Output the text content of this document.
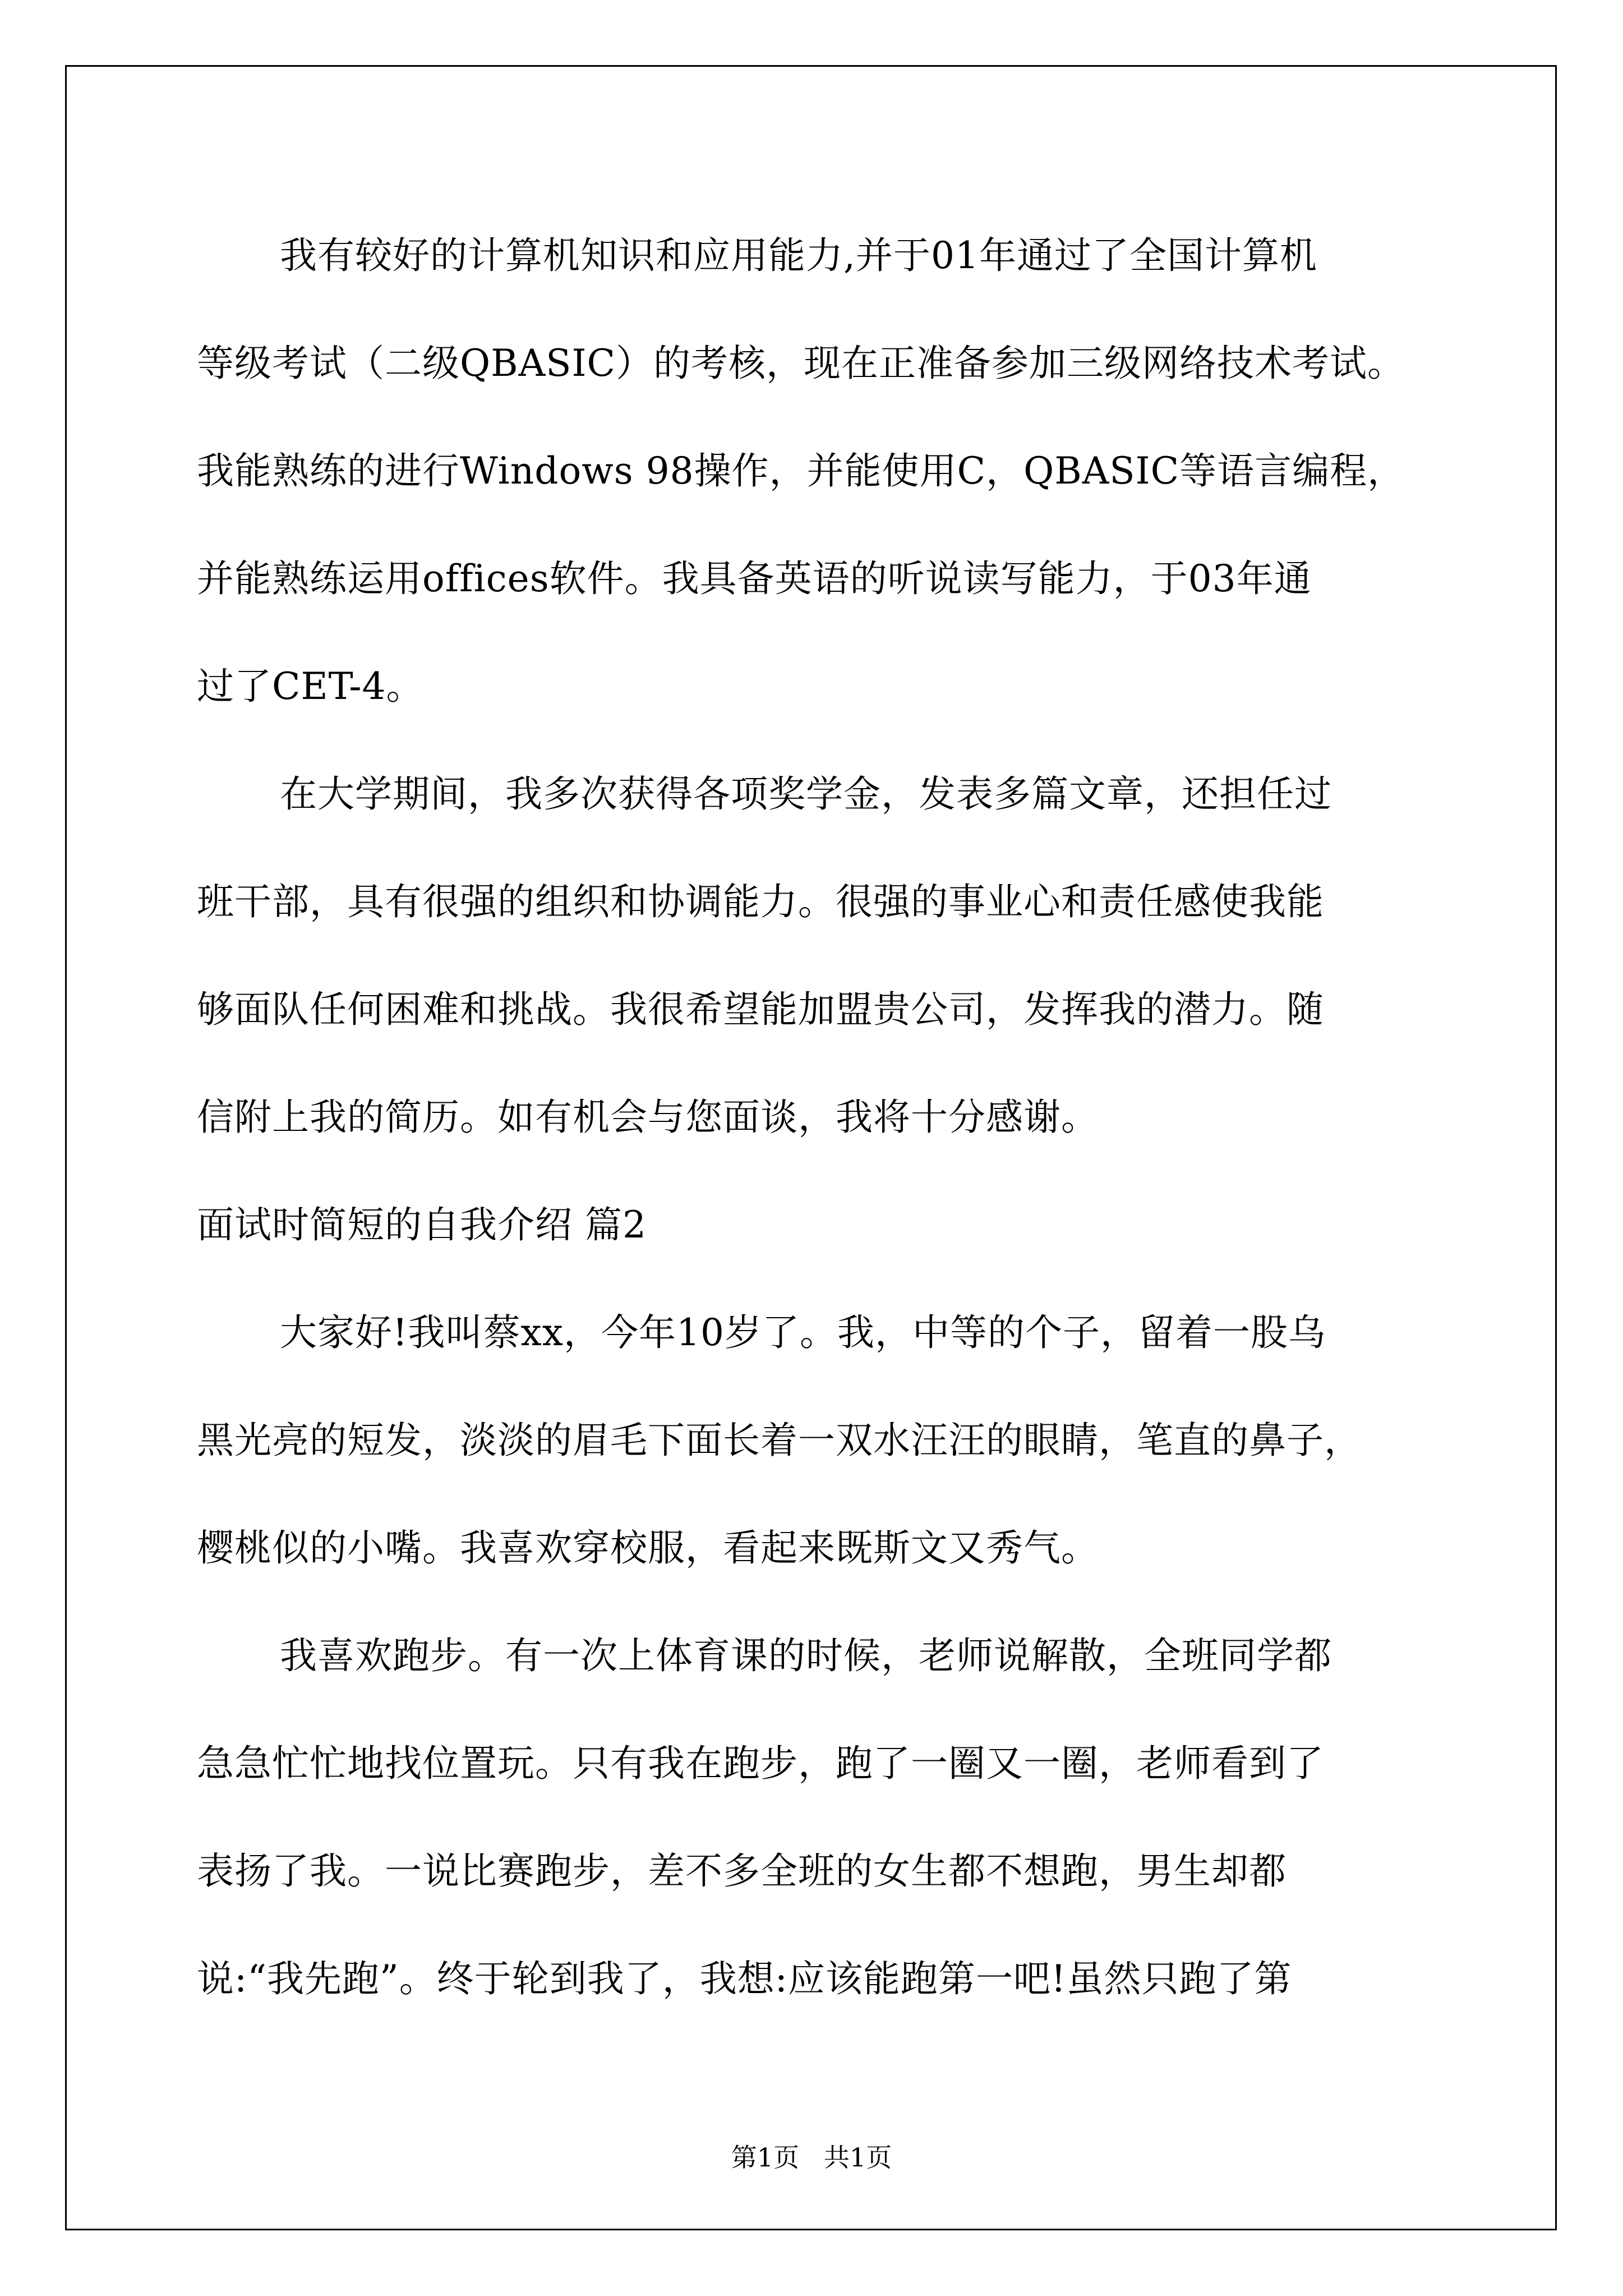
我有较好的计算机知识和应用能力,并于01年通过了全国计算机
等级考试（二级QBASIC）的考核，现在正准备参加三级网络技术考试。
我能熟练的进行Windows 98操作，并能使用C，QBASIC等语言编程，
并能熟练运用offices软件。我具备英语的听说读写能力，于03年通
过了CET-4。
在大学期间，我多次获得各项奖学金，发表多篇文章，还担任过
班干部，具有很强的组织和协调能力。很强的事业心和责任感使我能
够面队任何困难和挑战。我很希望能加盟贵公司，发挥我的潜力。随
信附上我的简历。如有机会与您面谈，我将十分感谢。
面试时简短的自我介绍 篇2
大家好!我叫蔡xx，今年10岁了。我，中等的个子，留着一股乌
黑光亮的短发，淡淡的眉毛下面长着一双水汪汪的眼睛，笔直的鼻子，
樱桃似的小嘴。我喜欢穿校服，看起来既斯文又秀气。
我喜欢跑步。有一次上体育课的时候，老师说解散，全班同学都
急急忙忙地找位置玩。只有我在跑步，跑了一圈又一圈，老师看到了
表扬了我。一说比赛跑步，差不多全班的女生都不想跑，男生却都
说:“我先跑”。终于轮到我了，我想:应该能跑第一吧!虽然只跑了第
第1页   共1页
